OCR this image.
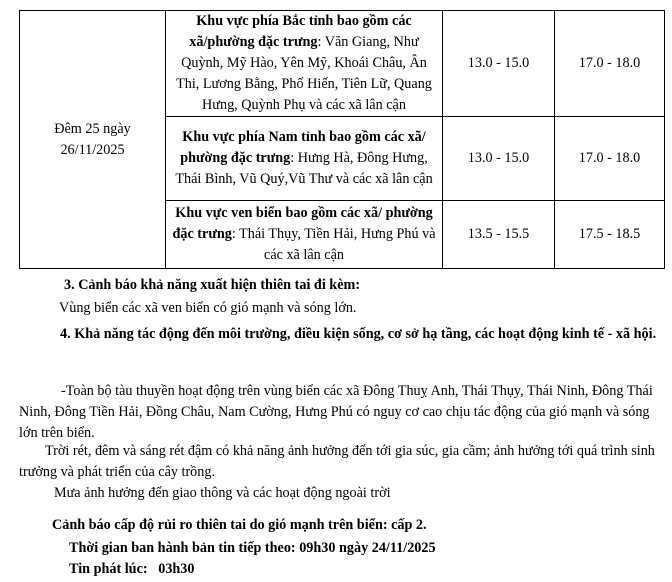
Đêm 25 ngày
26/11/2025	Khu vực phía Bắc tỉnh bao gồm các xã/phường đặc trưng: Văn Giang, Như Quỳnh, Mỹ Hào, Yên Mỹ, Khoái Châu, Ân Thi, Lương Bằng, Phố Hiến, Tiên Lữ, Quang Hưng, Quỳnh Phụ và các xã lân cận	13.0 - 15.0	17.0 - 18.0
	Khu vực phía Nam tỉnh bao gồm các xã/ phường đặc trưng: Hưng Hà, Đông Hưng, Thái Bình, Vũ Quý,Vũ Thư và các xã lân cận	13.0 - 15.0	17.0 - 18.0
	Khu vực ven biển bao gồm các xã/ phường đặc trưng: Thái Thụy, Tiền Hải, Hưng Phú và các xã lân cận	13.5 - 15.5	17.5 - 18.5
3. Cảnh báo khả năng xuất hiện thiên tai đi kèm:
Vùng biển các xã ven biển có gió mạnh và sóng lớn.
4. Khả năng tác động đến môi trường, điều kiện sống, cơ sở hạ tầng, các hoạt động kinh tế - xã hội.
-Toàn bộ tàu thuyền hoạt động trên vùng biển các xã Đông Thuỵ Anh, Thái Thụy, Thái Ninh, Đông Thái Ninh, Đông Tiền Hải, Đồng Châu, Nam Cường, Hưng Phú có nguy cơ cao chịu tác động của gió mạnh và sóng lớn trên biển.
Trời rét, đêm và sáng rét đậm có khả năng ảnh hưởng đến tới gia súc, gia cầm; ảnh hưởng tới quá trình sinh trưởng và phát triển của cây trồng.
Mưa ảnh hưởng đến giao thông và các hoạt động ngoài trời
Cảnh báo cấp độ rủi ro thiên tai do gió mạnh trên biển: cấp 2.
Thời gian ban hành bản tin tiếp theo: 09h30 ngày 24/11/2025
Tin phát lúc: 03h30
